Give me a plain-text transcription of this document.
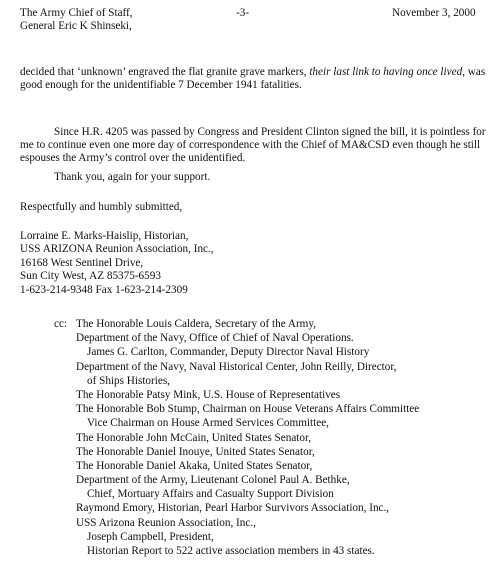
The Army Chief of Staff,
General Eric K Shinseki,
-3-	November 3, 2000
decided that ‘unknown’ engraved the flat granite grave markers, their last link to having once lived, was good enough for the unidentifiable 7 December 1941 fatalities.
Since H.R. 4205 was passed by Congress and President Clinton signed the bill, it is pointless for me to continue even one more day of correspondence with the Chief of MA&CSD even though he still espouses the Army’s control over the unidentified.
Thank you, again for your support.
Respectfully and humbly submitted,
Lorraine E. Marks-Haislip, Historian,
USS ARIZONA Reunion Association, Inc.,
16168 West Sentinel Drive,
Sun City West, AZ 85375-6593
1-623-214-9348 Fax 1-623-214-2309
cc: The Honorable Louis Caldera, Secretary of the Army,
Department of the Navy, Office of Chief of Naval Operations.
James G. Carlton, Commander, Deputy Director Naval History
Department of the Navy, Naval Historical Center, John Reilly, Director,
of Ships Histories,
The Honorable Patsy Mink, U.S. House of Representatives
The Honorable Bob Stump, Chairman on House Veterans Affairs Committee
Vice Chairman on House Armed Services Committee,
The Honorable John McCain, United States Senator,
The Honorable Daniel Inouye, United States Senator,
The Honorable Daniel Akaka, United States Senator,
Department of the Army, Lieutenant Colonel Paul A. Bethke,
Chief, Mortuary Affairs and Casualty Support Division
Raymond Emory, Historian, Pearl Harbor Survivors Association, Inc.,
USS Arizona Reunion Association, Inc.,
Joseph Campbell, President,
Historian Report to 522 active association members in 43 states.
